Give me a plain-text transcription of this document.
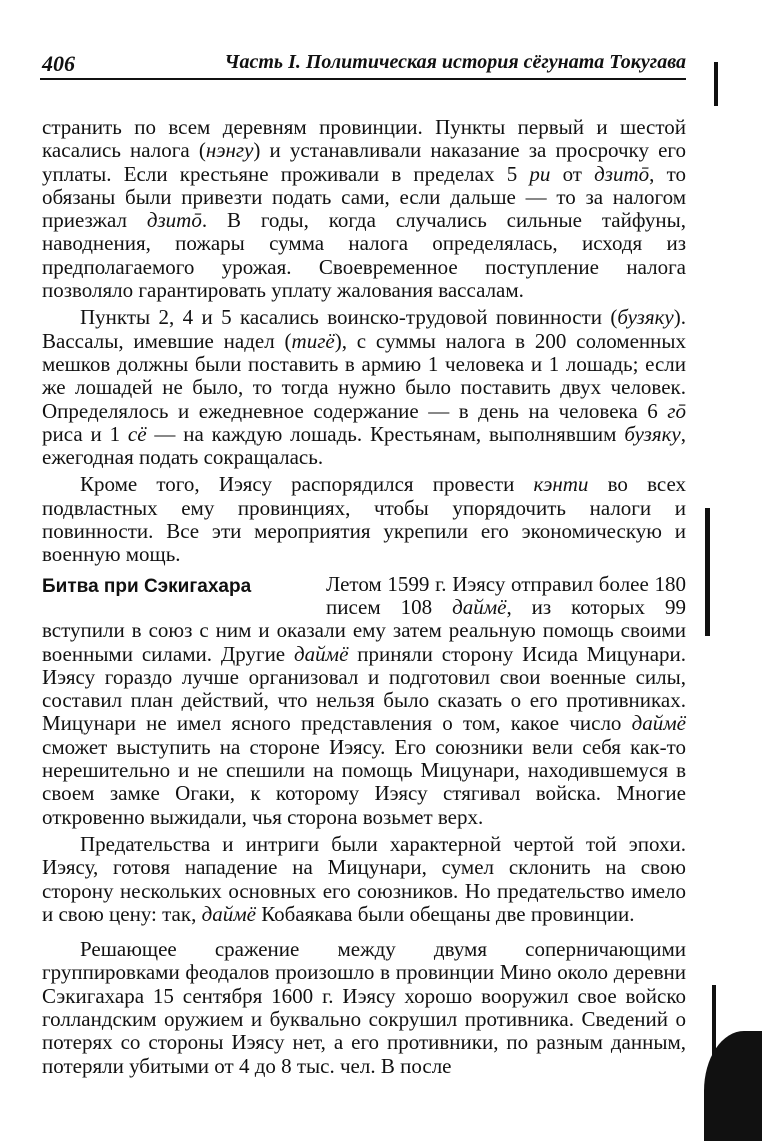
406	Часть I. Политическая история сёгуната Токугава

странить по всем деревням провинции. Пункты первый и шестой касались налога (нэнгу) и устанавливали наказание за просрочку его уплаты. Если крестьяне проживали в пределах 5 ри от дзитō, то обязаны были привезти подать сами, если дальше — то за налогом приезжал дзитō. В годы, когда случались сильные тайфуны, наводнения, пожары сумма налога определялась, исходя из предполагаемого урожая. Своевременное поступление налога позволяло гарантировать уплату жалования вассалам.

Пункты 2, 4 и 5 касались воинско-трудовой повинности (бузяку). Вассалы, имевшие надел (тигё), с суммы налога в 200 соломенных мешков должны были поставить в армию 1 человека и 1 лошадь; если же лошадей не было, то тогда нужно было поставить двух человек. Определялось и ежедневное содержание — в день на человека 6 гō риса и 1 сё — на каждую лошадь. Крестьянам, выполнявшим бузяку, ежегодная подать сокращалась.

Кроме того, Иэясу распорядился провести кэнти во всех подвластных ему провинциях, чтобы упорядочить налоги и повинности. Все эти мероприятия укрепили его экономическую и военную мощь.

Битва при Сэкигахара	Летом 1599 г. Иэясу отправил более 180 писем 108 даймё, из которых 99 вступили в союз с ним и оказали ему затем реальную помощь своими военными силами. Другие даймё приняли сторону Исида Мицунари. Иэясу гораздо лучше организовал и подготовил свои военные силы, составил план действий, что нельзя было сказать о его противниках. Мицунари не имел ясного представления о том, какое число даймё сможет выступить на стороне Иэясу. Его союзники вели себя как-то нерешительно и не спешили на помощь Мицунари, находившемуся в своем замке Огаки, к которому Иэясу стягивал войска. Многие откровенно выжидали, чья сторона возьмет верх.

Предательства и интриги были характерной чертой той эпохи. Иэясу, готовя нападение на Мицунари, сумел склонить на свою сторону нескольких основных его союзников. Но предательство имело и свою цену: так, даймё Кобаякава были обещаны две провинции.

Решающее сражение между двумя соперничающими группировками феодалов произошло в провинции Мино около деревни Сэкигахара 15 сентября 1600 г. Иэясу хорошо вооружил свое войско голландским оружием и буквально сокрушил противника. Сведений о потерях со стороны Иэясу нет, а его противники, по разным данным, потеряли убитыми от 4 до 8 тыс. чел. В после
